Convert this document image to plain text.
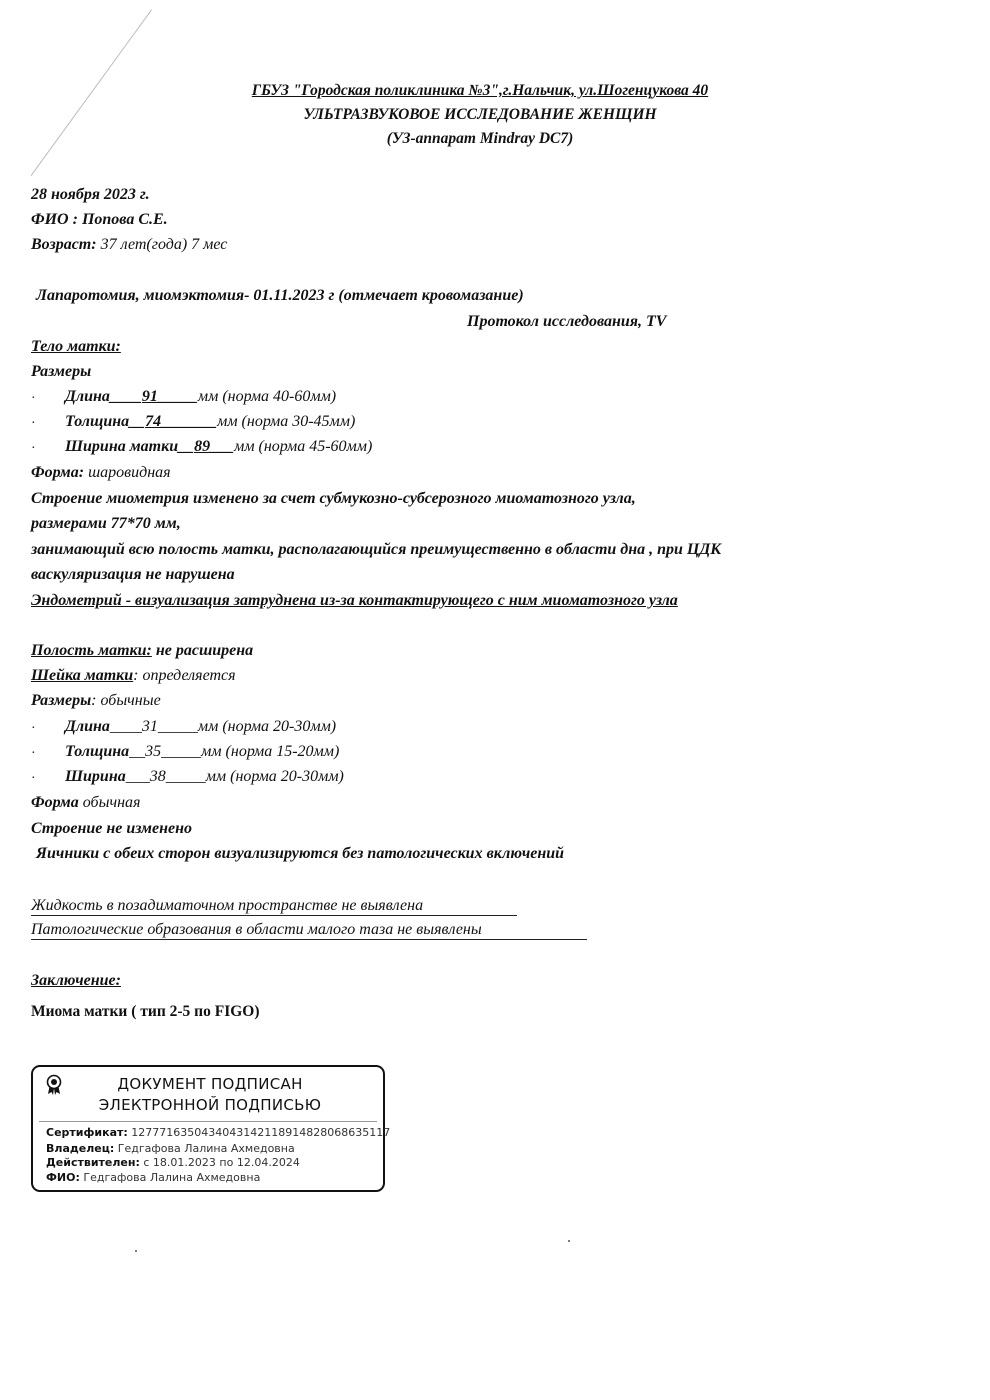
ГБУЗ "Городская поликлиника №3",г.Нальчик, ул.Шогенцукова 40
УЛЬТРАЗВУКОВОЕ ИССЛЕДОВАНИЕ ЖЕНЩИН
(УЗ-аппарат Mindray DC7)
28 ноября 2023 г.
ФИО : Попова С.Е.
Возраст: 37 лет(года) 7 мес
Лапаротомия, миомэктомия- 01.11.2023 г (отмечает кровомазание)
Протокол исследования, TV
Тело матки:
Размеры
· Длина____91_____мм (норма 40-60мм)
· Толщина__74_______мм (норма 30-45мм)
· Ширина матки__89___мм (норма 45-60мм)
Форма: шаровидная
Строение миометрия изменено за счет субмукозно-субсерозного миоматозного узла,
размерами 77*70 мм,
занимающий всю полость матки, располагающийся преимущественно в области дна , при ЦДК
васкуляризация не нарушена
Эндометрий - визуализация затруднена из-за контактирующего с ним миоматозного узла
Полость матки: не расширена
Шейка матки: определяется
Размеры: обычные
· Длина____31_____мм (норма 20-30мм)
· Толщина__35_____мм (норма 15-20мм)
· Ширина___38_____мм (норма 20-30мм)
Форма обычная
Строение не изменено
Яичники с обеих сторон визуализируются без патологических включений
Жидкость в позадиматочном пространстве не выявлена
Патологические образования в области малого таза не выявлены
Заключение:
Миома матки ( тип 2-5 по FIGO)
ДОКУМЕНТ ПОДПИСАН
ЭЛЕКТРОННОЙ ПОДПИСЬЮ
Сертификат: 1277716350434043142118914828068635117
Владелец: Гедгафова Лалина Ахмедовна
Действителен: с 18.01.2023 по 12.04.2024
ФИО: Гедгафова Лалина Ахмедовна
